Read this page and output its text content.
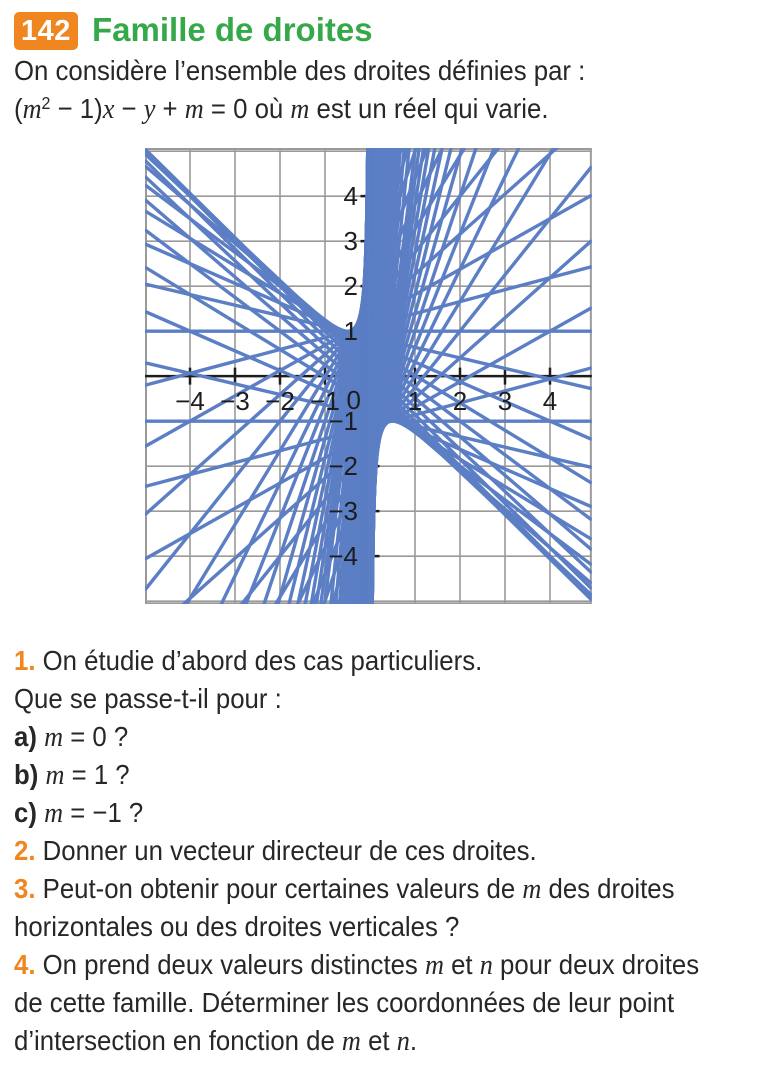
142 Famille de droites
On considère l’ensemble des droites définies par :
$(m^2 - 1)x - y + m = 0$ où m est un réel qui varie.
−4 −3 −2 −1	1 2 3 4
−4
−3
−2
−1
1
2
3
4
0
1. On étudie d’abord des cas particuliers.
Que se passe-t-il pour :
a) m = 0 ?
b) m = 1 ?
c) m = −1 ?
2. Donner un vecteur directeur de ces droites.
3. Peut-on obtenir pour certaines valeurs de m des droites
horizontales ou des droites verticales ?
4. On prend deux valeurs distinctes m et n pour deux droites
de cette famille. Déterminer les coordonnées de leur point
d’intersection en fonction de m et n.
